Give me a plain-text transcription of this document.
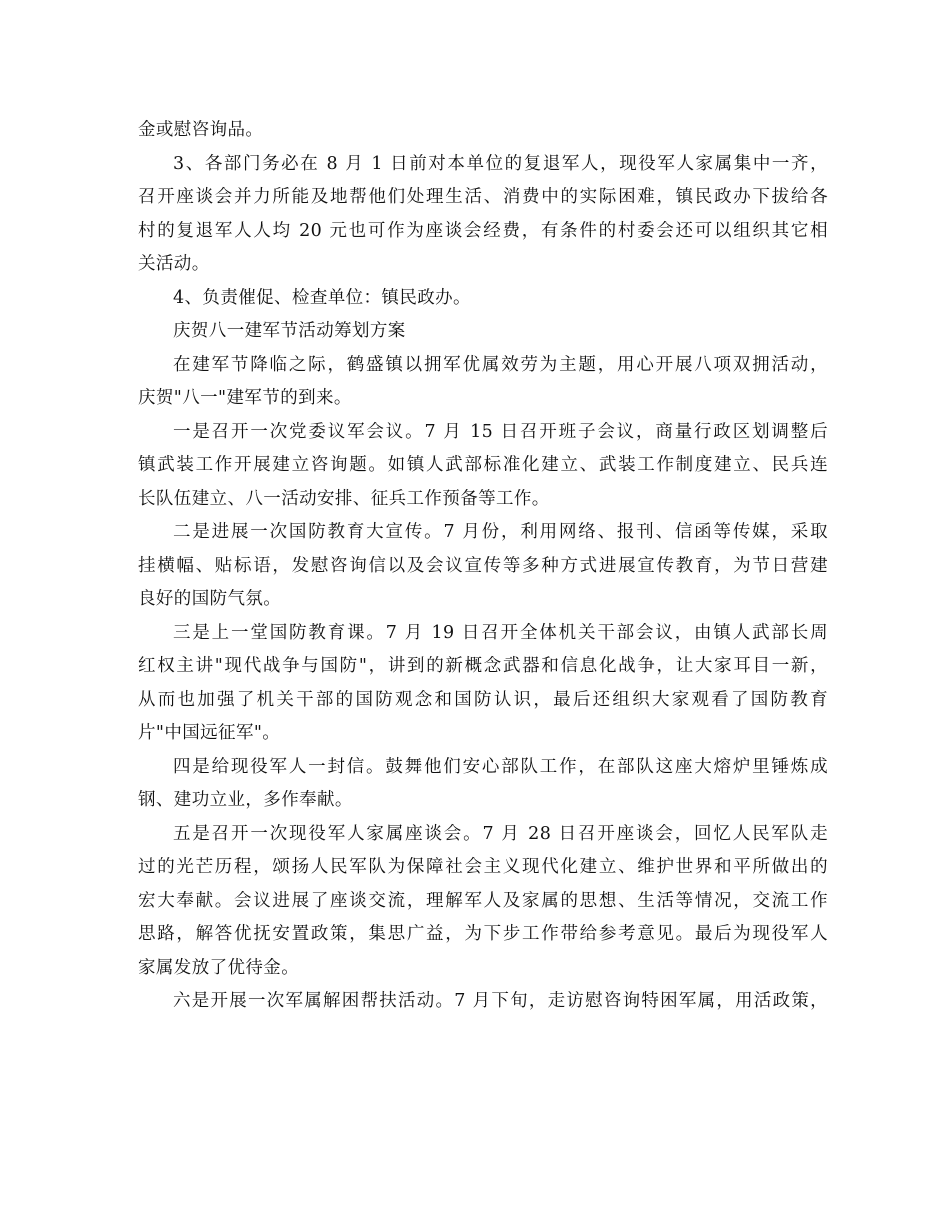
金或慰咨询品。
3、各部门务必在 8 月 1 日前对本单位的复退军人，现役军人家属集中一齐，
召开座谈会并力所能及地帮他们处理生活、消费中的实际困难，镇民政办下拔给各
村的复退军人人均 20 元也可作为座谈会经费，有条件的村委会还可以组织其它相
关活动。
4、负责催促、检查单位：镇民政办。
庆贺八一建军节活动筹划方案
在建军节降临之际，鹤盛镇以拥军优属效劳为主题，用心开展八项双拥活动，
庆贺"八一"建军节的到来。
一是召开一次党委议军会议。7 月 15 日召开班子会议，商量行政区划调整后
镇武装工作开展建立咨询题。如镇人武部标准化建立、武装工作制度建立、民兵连
长队伍建立、八一活动安排、征兵工作预备等工作。
二是进展一次国防教育大宣传。7 月份，利用网络、报刊、信函等传媒，采取
挂横幅、贴标语，发慰咨询信以及会议宣传等多种方式进展宣传教育，为节日营建
良好的国防气氛。
三是上一堂国防教育课。7 月 19 日召开全体机关干部会议，由镇人武部长周
红权主讲"现代战争与国防"，讲到的新概念武器和信息化战争，让大家耳目一新，
从而也加强了机关干部的国防观念和国防认识，最后还组织大家观看了国防教育
片"中国远征军"。
四是给现役军人一封信。鼓舞他们安心部队工作，在部队这座大熔炉里锤炼成
钢、建功立业，多作奉献。
五是召开一次现役军人家属座谈会。7 月 28 日召开座谈会，回忆人民军队走
过的光芒历程，颂扬人民军队为保障社会主义现代化建立、维护世界和平所做出的
宏大奉献。会议进展了座谈交流，理解军人及家属的思想、生活等情况，交流工作
思路，解答优抚安置政策，集思广益，为下步工作带给参考意见。最后为现役军人
家属发放了优待金。
六是开展一次军属解困帮扶活动。7 月下旬，走访慰咨询特困军属，用活政策，
